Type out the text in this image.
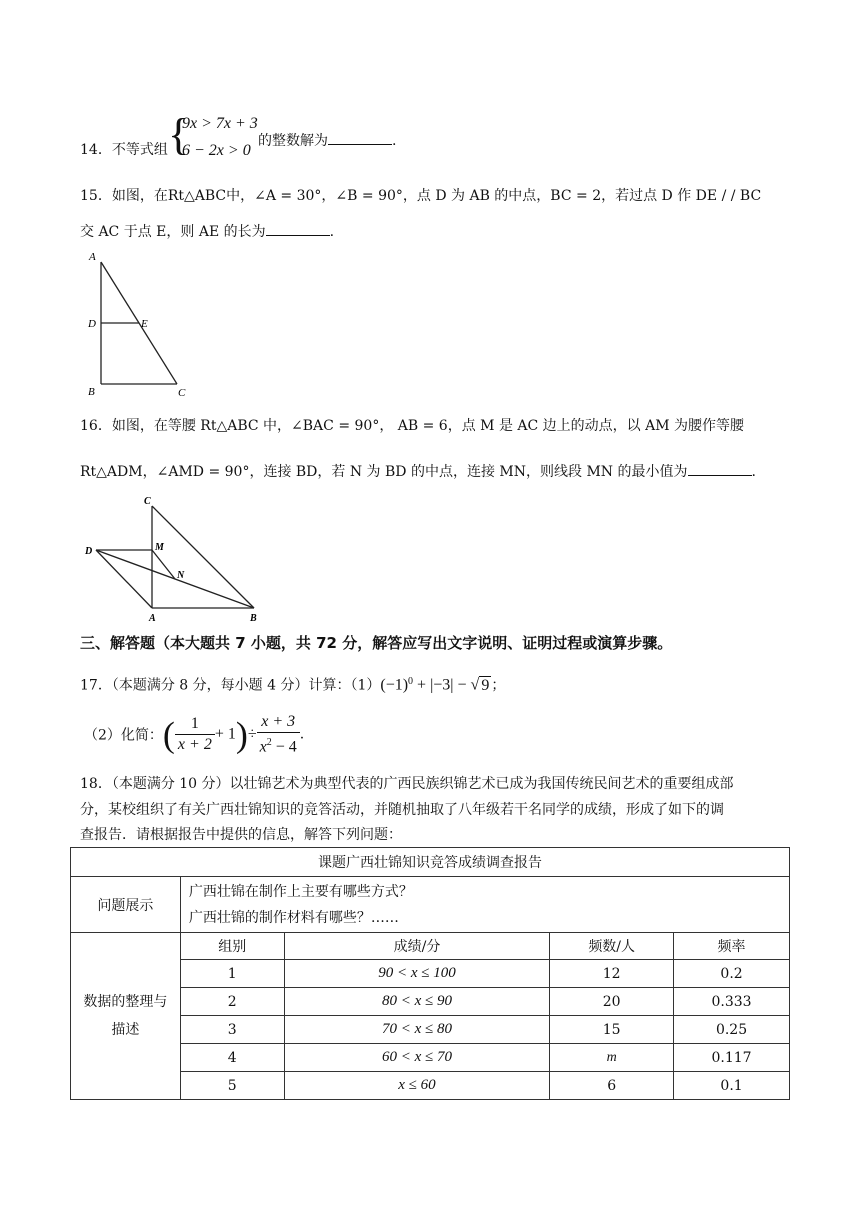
14．不等式组 {
9x > 7x + 3
6 − 2x > 0
的整数解为	.
15．如图，在Rt△ABC中，∠A = 30°，∠B = 90°，点 D 为 AB 的中点，BC = 2，若过点 D 作 DE / / BC
交 AC 于点 E，则 AE 的长为	.
A
D	E
B	C
16．如图，在等腰 Rt△ABC 中，∠BAC = 90°， AB = 6，点 M 是 AC 边上的动点，以 AM 为腰作等腰
Rt△ADM，∠AMD = 90°，连接 BD，若 N 为 BD 的中点，连接 MN，则线段 MN 的最小值为	.
C
D	M
N
A	B
三、解答题（本大题共 7 小题，共 72 分，解答应写出文字说明、证明过程或演算步骤。
17．（本题满分 8 分，每小题 4 分）计算：$(1)(-1)^0 + |-3|$ − √ 9 ；
（2）化简：( $\frac{1}{x + 2} + 1)\div \frac{x + 3}{x^2 - 4}$ .
18．（本题满分 10 分）以壮锦艺术为典型代表的广西民族织锦艺术已成为我国传统民间艺术的重要组成部
分，某校组织了有关广西壮锦知识的竞答活动，并随机抽取了八年级若干名同学的成绩，形成了如下的调
查报告．请根据报告中提供的信息，解答下列问题：
课题广西壮锦知识竞答成绩调查报告				
问题展示	广西壮锦在制作上主要有哪些方式？
广西壮锦的制作材料有哪些？……			

数据的整理与
描述	组别	成绩/分	频数/人	频率
	1	90 < x ≤ 100	12	0.2
	2	80 < x ≤ 90	20	0.333
	3	70 < x ≤ 80	15	0.25
	4	60 < x ≤ 70	m	0.117
	5	x ≤ 60	6	0.1
